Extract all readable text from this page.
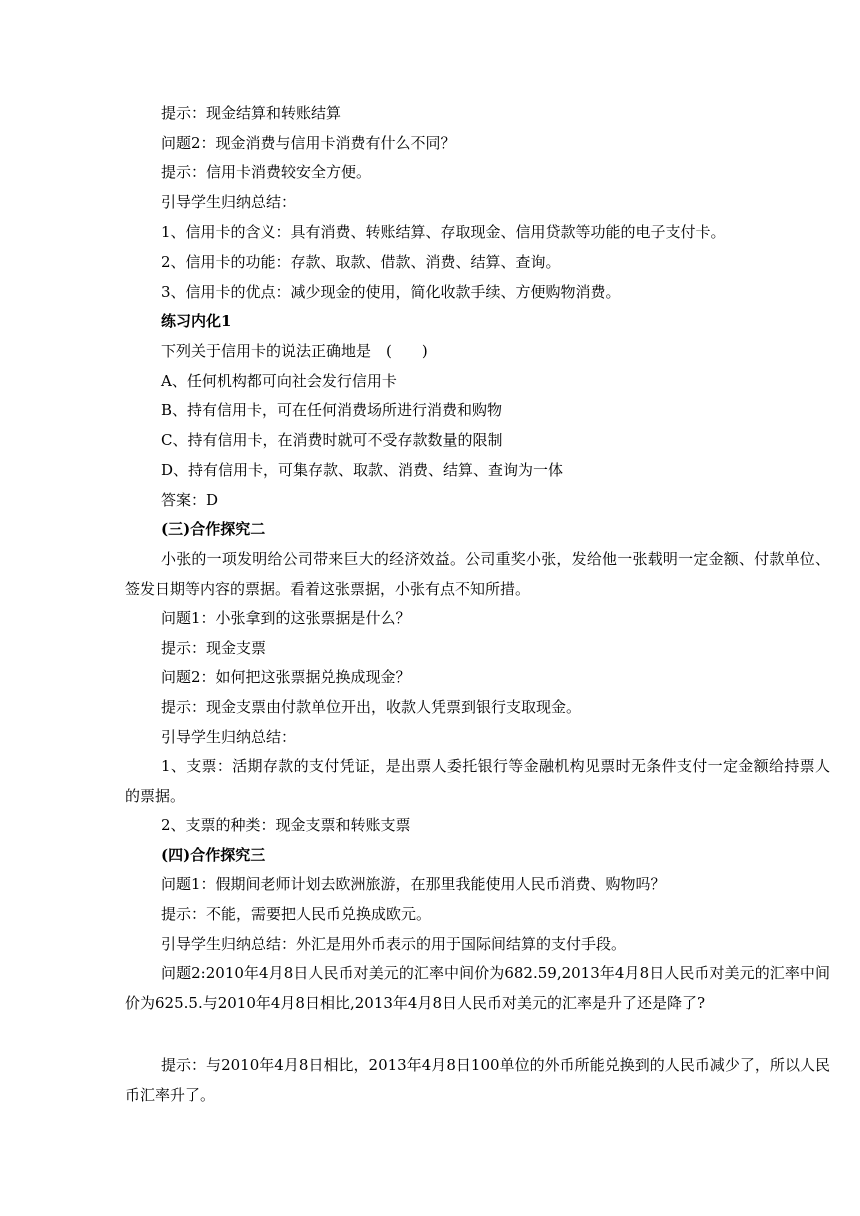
提示：现金结算和转账结算
问题2：现金消费与信用卡消费有什么不同？
提示：信用卡消费较安全方便。
引导学生归纳总结：
1、信用卡的含义：具有消费、转账结算、存取现金、信用贷款等功能的电子支付卡。
2、信用卡的功能：存款、取款、借款、消费、结算、查询。
3、信用卡的优点：减少现金的使用，简化收款手续、方便购物消费。
练习内化1
下列关于信用卡的说法正确地是　(　　)
A、任何机构都可向社会发行信用卡
B、持有信用卡，可在任何消费场所进行消费和购物
C、持有信用卡，在消费时就可不受存款数量的限制
D、持有信用卡，可集存款、取款、消费、结算、查询为一体
答案：D
(三)合作探究二
小张的一项发明给公司带来巨大的经济效益。公司重奖小张，发给他一张载明一定金额、付款单位、签发日期等内容的票据。看着这张票据，小张有点不知所措。
问题1：小张拿到的这张票据是什么？
提示：现金支票
问题2：如何把这张票据兑换成现金？
提示：现金支票由付款单位开出，收款人凭票到银行支取现金。
引导学生归纳总结：
1、支票：活期存款的支付凭证，是出票人委托银行等金融机构见票时无条件支付一定金额给持票人的票据。
2、支票的种类：现金支票和转账支票
(四)合作探究三
问题1：假期间老师计划去欧洲旅游，在那里我能使用人民币消费、购物吗？
提示：不能，需要把人民币兑换成欧元。
引导学生归纳总结：外汇是用外币表示的用于国际间结算的支付手段。
问题2:2010年4月8日人民币对美元的汇率中间价为682.59,2013年4月8日人民币对美元的汇率中间价为625.5.与2010年4月8日相比,2013年4月8日人民币对美元的汇率是升了还是降了?
提示：与2010年4月8日相比，2013年4月8日100单位的外币所能兑换到的人民币减少了，所以人民币汇率升了。
